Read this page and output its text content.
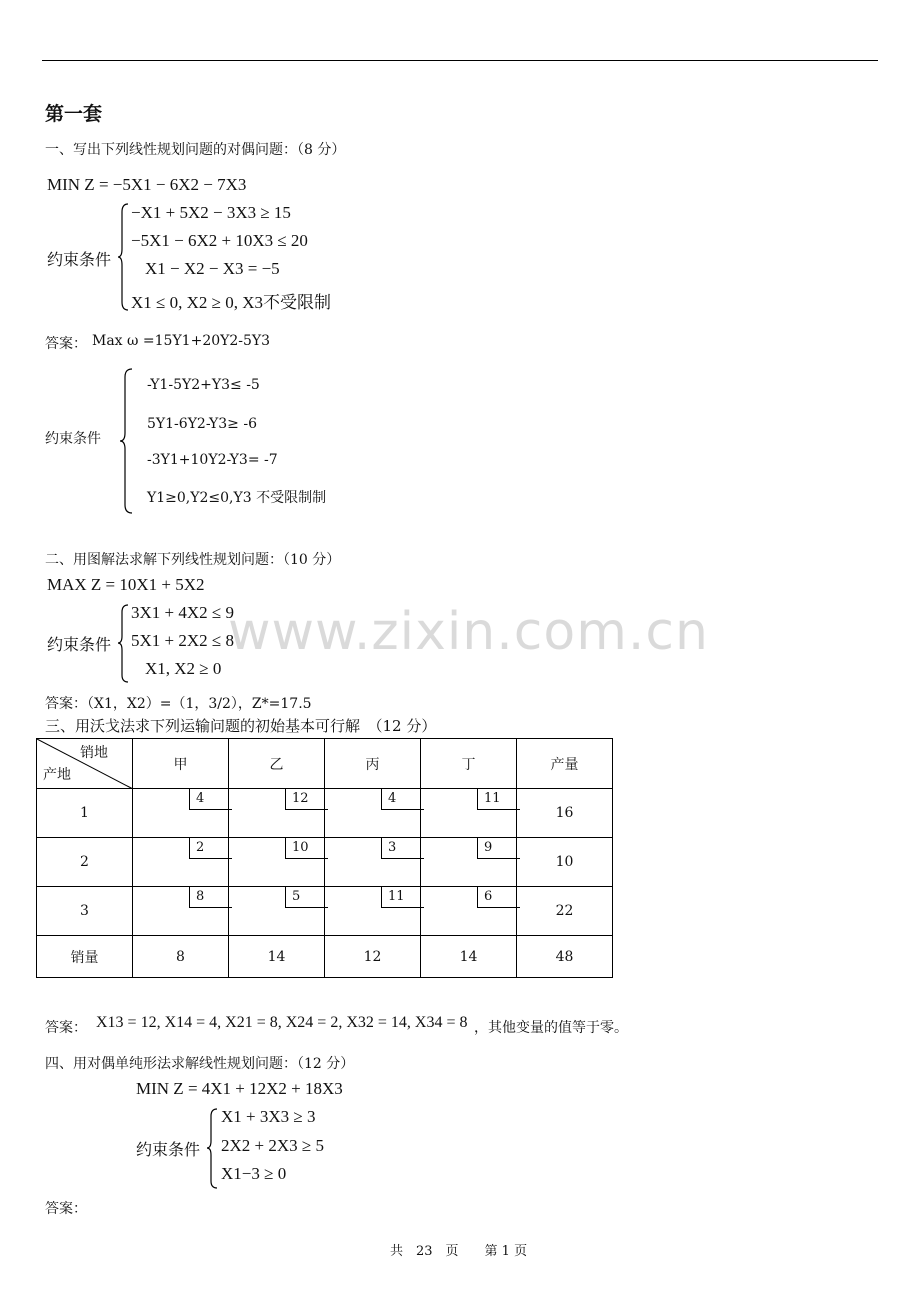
www.zixin.com.cn
第一套
一、写出下列线性规划问题的对偶问题：（8 分）
MIN Z = −5X1 − 6X2 − 7X3
约束条件
−X1 + 5X2 − 3X3 ≥ 15
−5X1 − 6X2 + 10X3 ≤ 20
X1 − X2 − X3 = −5
X1 ≤ 0, X2 ≥ 0, X3不受限制
答案： Max ω =15Y1+20Y2-5Y3
约束条件
-Y1-5Y2+Y3≤ -5
5Y1-6Y2-Y3≥ -6
-3Y1+10Y2-Y3= -7
Y1≥0,Y2≤0,Y3 不受限制制
二、用图解法求解下列线性规划问题：（10 分）
MAX Z = 10X1 + 5X2
约束条件
3X1 + 4X2 ≤ 9
5X1 + 2X2 ≤ 8
X1, X2 ≥ 0
答案：（X1，X2）=（1，3/2），Z*=17.5
三、用沃戈法求下列运输问题的初始基本可行解　（12 分）
销地
产地	甲	乙	丙	丁	产量
1	4	12	4	11	16
2	2	10	3	9	10
3	8	5	11	6	22
销量	8	14	12	14	48
答案： X13 = 12, X14 = 4, X21 = 8, X24 = 2, X32 = 14, X34 = 8 ，其他变量的值等于零。
四、用对偶单纯形法求解线性规划问题：（12 分）
MIN Z = 4X1 + 12X2 + 18X3
约束条件
X1 + 3X3 ≥ 3
2X2 + 2X3 ≥ 5
X1−3 ≥ 0
答案：
共　23　页　　第 1 页
